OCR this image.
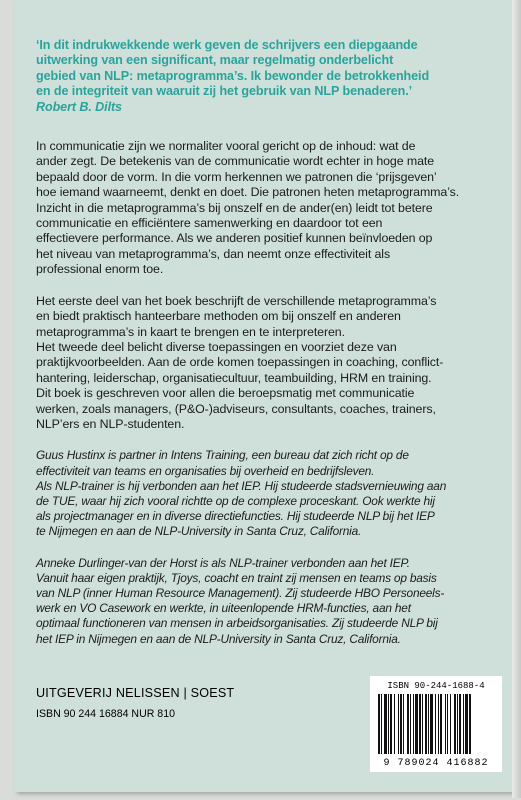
‘In dit indrukwekkende werk geven de schrijvers een diepgaande
uitwerking van een significant, maar regelmatig onderbelicht
gebied van NLP: metaprogramma’s. Ik bewonder de betrokkenheid
en de integriteit van waaruit zij het gebruik van NLP benaderen.’
Robert B. Dilts

In communicatie zijn we normaliter vooral gericht op de inhoud: wat de
ander zegt. De betekenis van de communicatie wordt echter in hoge mate
bepaald door de vorm. In die vorm herkennen we patronen die ‘prijsgeven’
hoe iemand waarneemt, denkt en doet. Die patronen heten metaprogramma’s.
Inzicht in die metaprogramma’s bij onszelf en de ander(en) leidt tot betere
communicatie en efficiëntere samenwerking en daardoor tot een
effectievere performance. Als we anderen positief kunnen beïnvloeden op
het niveau van metaprogramma’s, dan neemt onze effectiviteit als
professional enorm toe.

Het eerste deel van het boek beschrijft de verschillende metaprogramma’s
en biedt praktisch hanteerbare methoden om bij onszelf en anderen
metaprogramma’s in kaart te brengen en te interpreteren.
Het tweede deel belicht diverse toepassingen en voorziet deze van
praktijkvoorbeelden. Aan de orde komen toepassingen in coaching, conflict-
hantering, leiderschap, organisatiecultuur, teambuilding, HRM en training.
Dit boek is geschreven voor allen die beroepsmatig met communicatie
werken, zoals managers, (P&O-)adviseurs, consultants, coaches, trainers,
NLP’ers en NLP-studenten.

Guus Hustinx is partner in Intens Training, een bureau dat zich richt op de
effectiviteit van teams en organisaties bij overheid en bedrijfsleven.
Als NLP-trainer is hij verbonden aan het IEP. Hij studeerde stadsvernieuwing aan
de TUE, waar hij zich vooral richtte op de complexe proceskant. Ook werkte hij
als projectmanager en in diverse directiefuncties. Hij studeerde NLP bij het IEP
te Nijmegen en aan de NLP-University in Santa Cruz, California.

Anneke Durlinger-van der Horst is als NLP-trainer verbonden aan het IEP.
Vanuit haar eigen praktijk, Tjoys, coacht en traint zij mensen en teams op basis
van NLP (inner Human Resource Management). Zij studeerde HBO Personeels-
werk en VO Casework en werkte, in uiteenlopende HRM-functies, aan het
optimaal functioneren van mensen in arbeidsorganisaties. Zij studeerde NLP bij
het IEP in Nijmegen en aan de NLP-University in Santa Cruz, California.

UITGEVERIJ NELISSEN | SOEST
ISBN 90 244 16884 NUR 810
ISBN 90-244-1688-4
9 789024 416882
